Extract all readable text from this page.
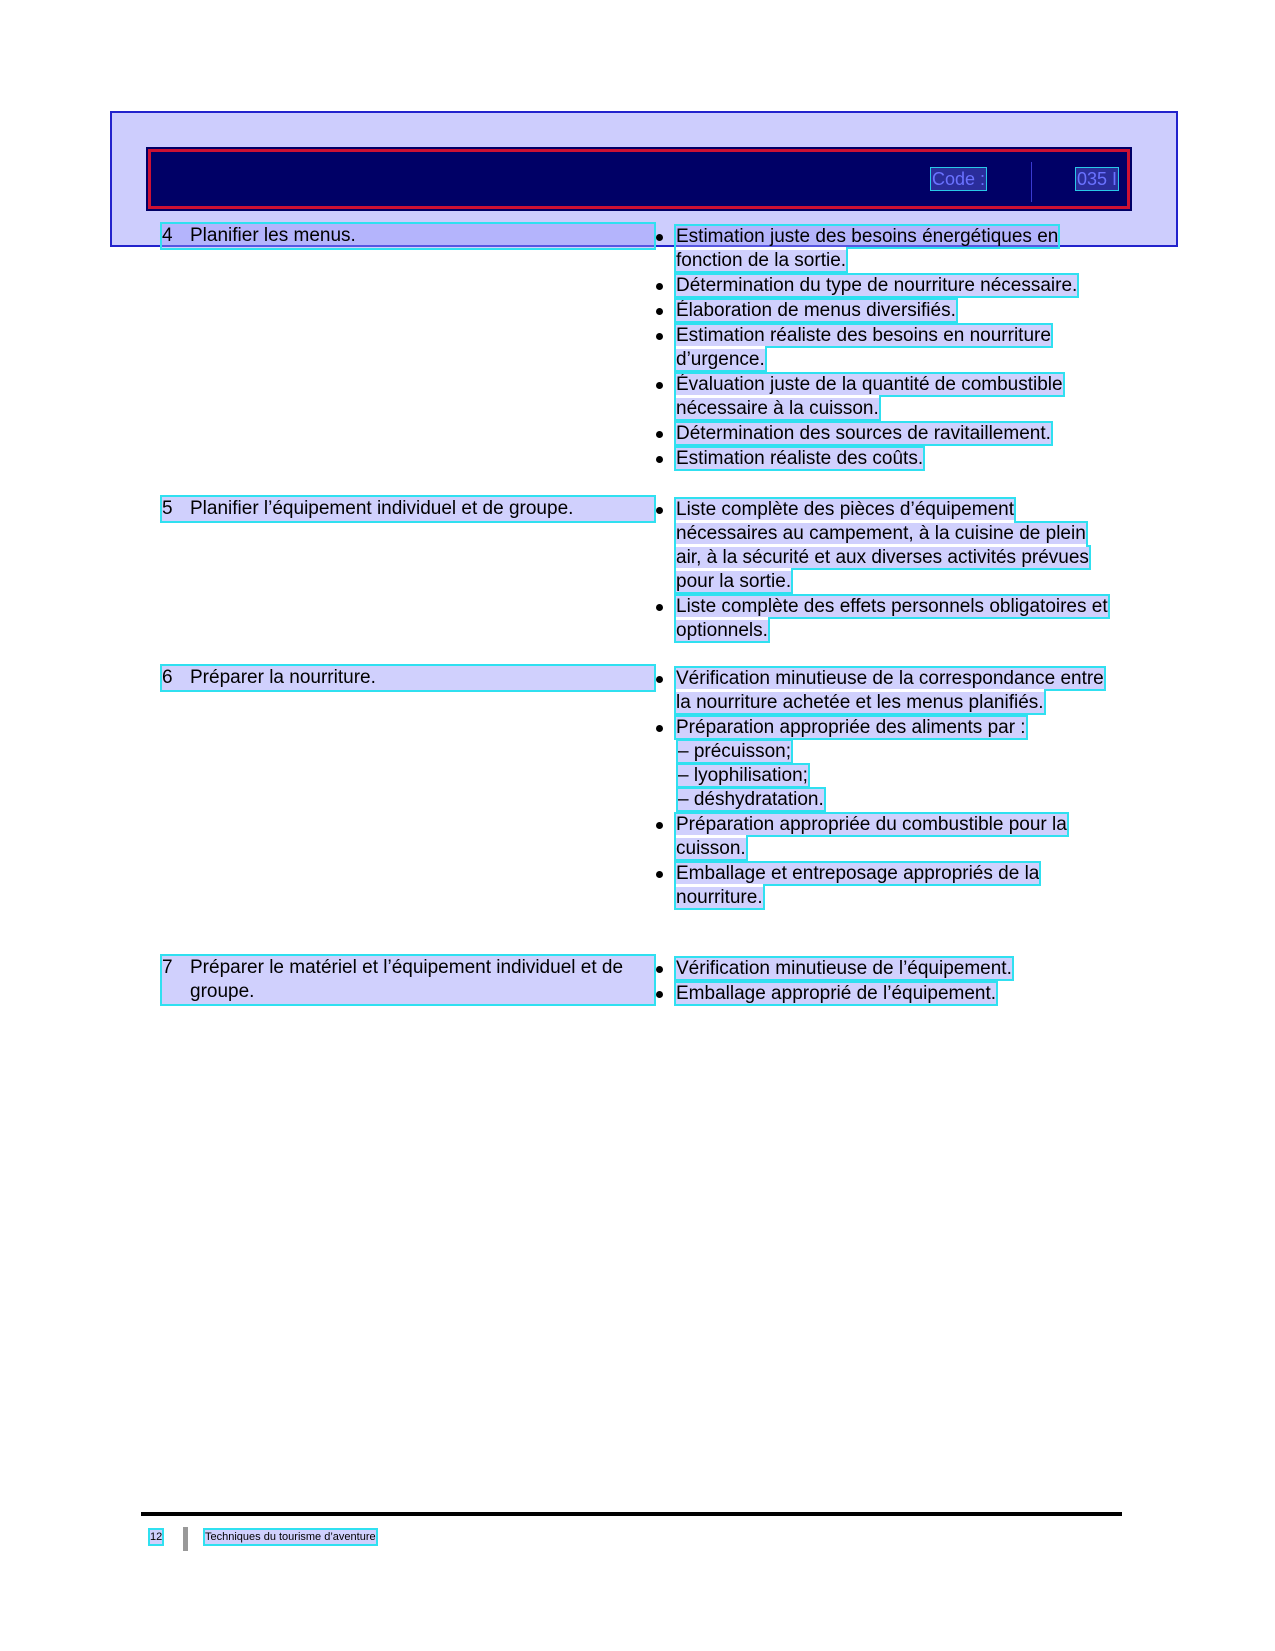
Code :	035 I
4 Planifier les menus.	Estimation juste des besoins énergétiques en fonction de la sortie.
Détermination du type de nourriture nécessaire.
Élaboration de menus diversifiés.
Estimation réaliste des besoins en nourriture d’urgence.
Évaluation juste de la quantité de combustible nécessaire à la cuisson.
Détermination des sources de ravitaillement.
Estimation réaliste des coûts.
5 Planifier l’équipement individuel et de groupe.	Liste complète des pièces d’équipement nécessaires au campement, à la cuisine de plein air, à la sécurité et aux diverses activités prévues pour la sortie.
Liste complète des effets personnels obligatoires et optionnels.
6 Préparer la nourriture.	Vérification minutieuse de la correspondance entre la nourriture achetée et les menus planifiés.
Préparation appropriée des aliments par :
– précuisson;
– lyophilisation;
– déshydratation.
Préparation appropriée du combustible pour la cuisson.
Emballage et entreposage appropriés de la nourriture.
7 Préparer le matériel et l’équipement individuel et de groupe.
Vérification minutieuse de l’équipement.
Emballage approprié de l’équipement.
12	Techniques du tourisme d’aventure
